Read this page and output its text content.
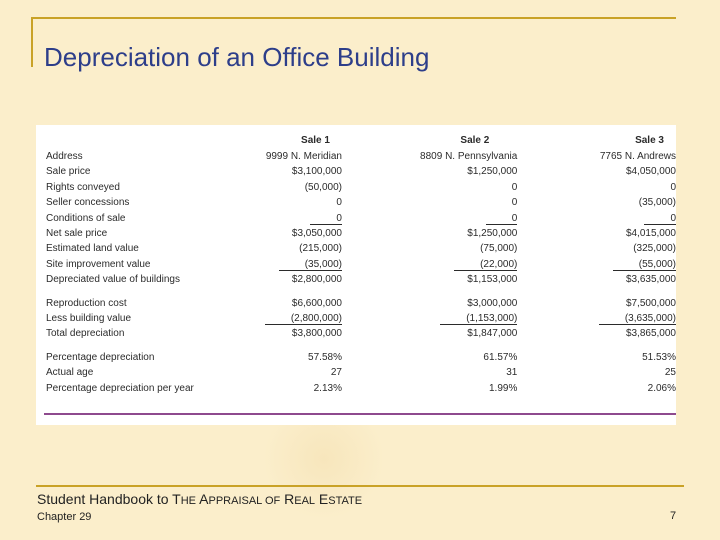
Depreciation of an Office Building
	Sale 1	Sale 2	Sale 3
Address	9999 N. Meridian	8809 N. Pennsylvania	7765 N. Andrews
Sale price	$3,100,000	$1,250,000	$4,050,000
Rights conveyed	(50,000)	0	0
Seller concessions	0	0	(35,000)
Conditions of sale	0	0	0
Net sale price	$3,050,000	$1,250,000	$4,015,000
Estimated land value	(215,000)	(75,000)	(325,000)
Site improvement value	(35,000)	(22,000)	(55,000)
Depreciated value of buildings	$2,800,000	$1,153,000	$3,635,000

Reproduction cost	$6,600,000	$3,000,000	$7,500,000
Less building value	(2,800,000)	(1,153,000)	(3,635,000)
Total depreciation	$3,800,000	$1,847,000	$3,865,000

Percentage depreciation	57.58%	61.57%	51.53%
Actual age	27	31	25
Percentage depreciation per year	2.13%	1.99%	2.06%
Student Handbook to THE APPRAISAL OF REAL ESTATE
Chapter 29	7
